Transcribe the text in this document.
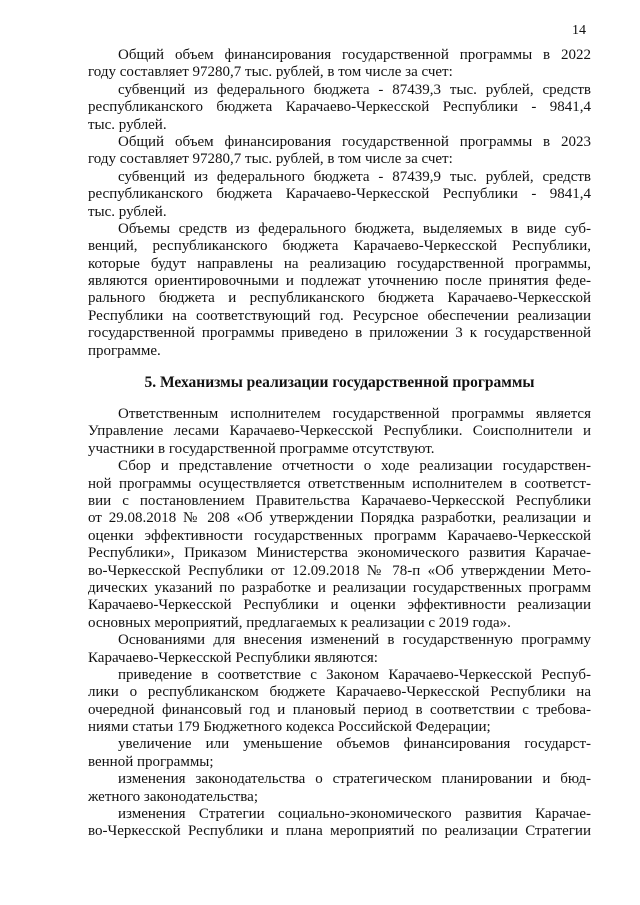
14
Общий объем финансирования государственной программы в 2022
году составляет 97280,7 тыс. рублей, в том числе за счет:
субвенций из федерального бюджета - 87439,3 тыс. рублей, средств
республиканского бюджета Карачаево-Черкесской Республики - 9841,4
тыс. рублей.
Общий объем финансирования государственной программы в 2023
году составляет 97280,7 тыс. рублей, в том числе за счет:
субвенций из федерального бюджета - 87439,9 тыс. рублей, средств
республиканского бюджета Карачаево-Черкесской Республики - 9841,4
тыс. рублей.
Объемы средств из федерального бюджета, выделяемых в виде суб-
венций, республиканского бюджета Карачаево-Черкесской Республики,
которые будут направлены на реализацию государственной программы,
являются ориентировочными и подлежат уточнению после принятия феде-
рального бюджета и республиканского бюджета Карачаево-Черкесской
Республики на соответствующий год. Ресурсное обеспечении реализации
государственной программы приведено в приложении 3 к государственной
программе.
5. Механизмы реализации государственной программы
Ответственным исполнителем государственной программы является
Управление лесами Карачаево-Черкесской Республики. Соисполнители и
участники в государственной программе отсутствуют.
Сбор и представление отчетности о ходе реализации государствен-
ной программы осуществляется ответственным исполнителем в соответст-
вии с постановлением Правительства Карачаево-Черкесской Республики
от 29.08.2018 № 208 «Об утверждении Порядка разработки, реализации и
оценки эффективности государственных программ Карачаево-Черкесской
Республики», Приказом Министерства экономического развития Карачае-
во-Черкесской Республики от 12.09.2018 № 78-п «Об утверждении Мето-
дических указаний по разработке и реализации государственных программ
Карачаево-Черкесской Республики и оценки эффективности реализации
основных мероприятий, предлагаемых к реализации с 2019 года».
Основаниями для внесения изменений в государственную программу
Карачаево-Черкесской Республики являются:
приведение в соответствие с Законом Карачаево-Черкесской Респуб-
лики о республиканском бюджете Карачаево-Черкесской Республики на
очередной финансовый год и плановый период в соответствии с требова-
ниями статьи 179 Бюджетного кодекса Российской Федерации;
увеличение или уменьшение объемов финансирования государст-
венной программы;
изменения законодательства о стратегическом планировании и бюд-
жетного законодательства;
изменения Стратегии социально-экономического развития Карачае-
во-Черкесской Республики и плана мероприятий по реализации Стратегии
